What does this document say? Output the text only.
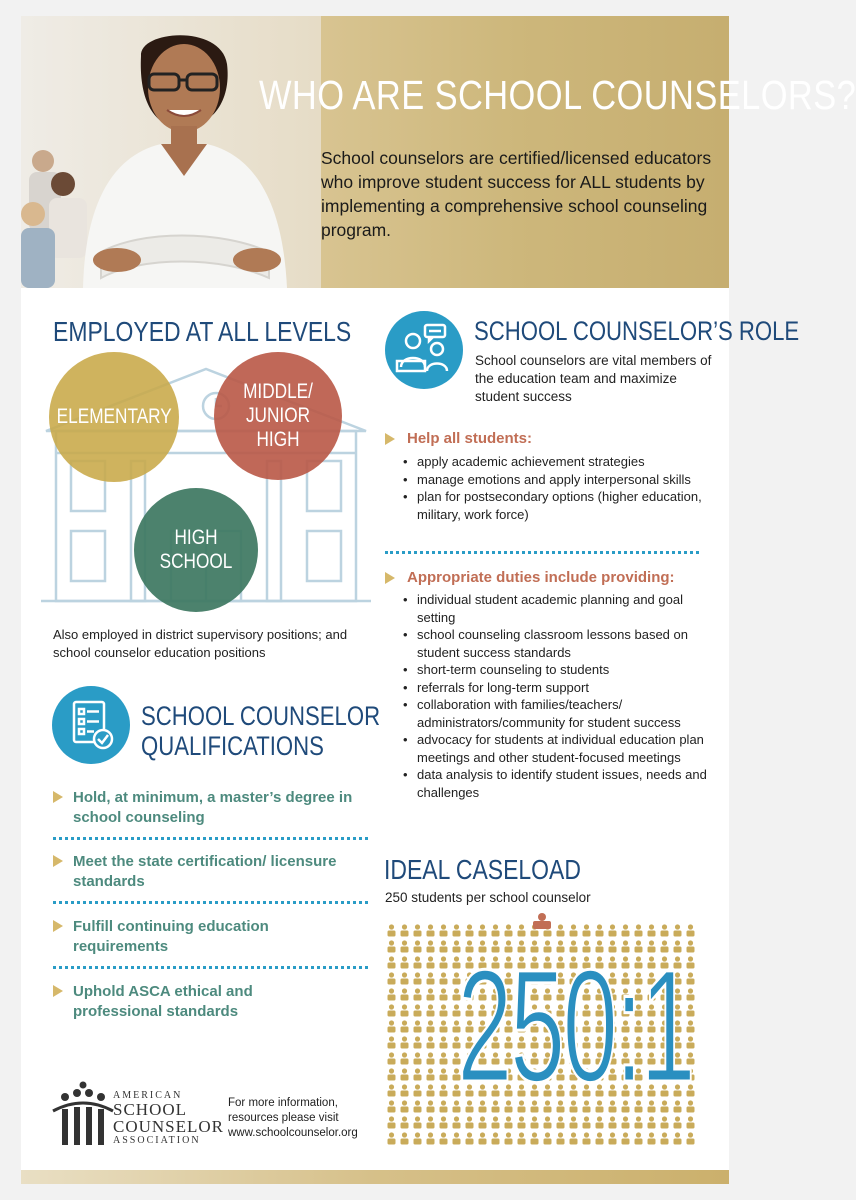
WHO ARE SCHOOL COUNSELORS?
School counselors are certified/licensed educators who improve student success for ALL students by implementing a comprehensive school counseling program.
EMPLOYED AT ALL LEVELS
ELEMENTARY
MIDDLE/ JUNIOR HIGH
HIGH SCHOOL
Also employed in district supervisory positions; and school counselor education positions
SCHOOL COUNSELOR
QUALIFICATIONS
Hold, at minimum, a master’s degree in school counseling
Meet the state certification/ licensure standards
Fulfill continuing education requirements
Uphold ASCA ethical and professional standards
SCHOOL COUNSELOR’S ROLE
School counselors are vital members of the education team and maximize student success
Help all students:
• apply academic achievement strategies
• manage emotions and apply interpersonal skills
• plan for postsecondary options (higher education, military, work force)
Appropriate duties include providing:
• individual student academic planning and goal setting
• school counseling classroom lessons based on student success standards
• short-term counseling to students
• referrals for long-term support
• collaboration with families/teachers/ administrators/community for student success
• advocacy for students at individual education plan meetings and other student-focused meetings
• data analysis to identify student issues, needs and challenges
IDEAL CASELOAD
250 students per school counselor
250:1
AMERICAN
SCHOOL
COUNSELOR
ASSOCIATION
For more information, resources please visit www.schoolcounselor.org
